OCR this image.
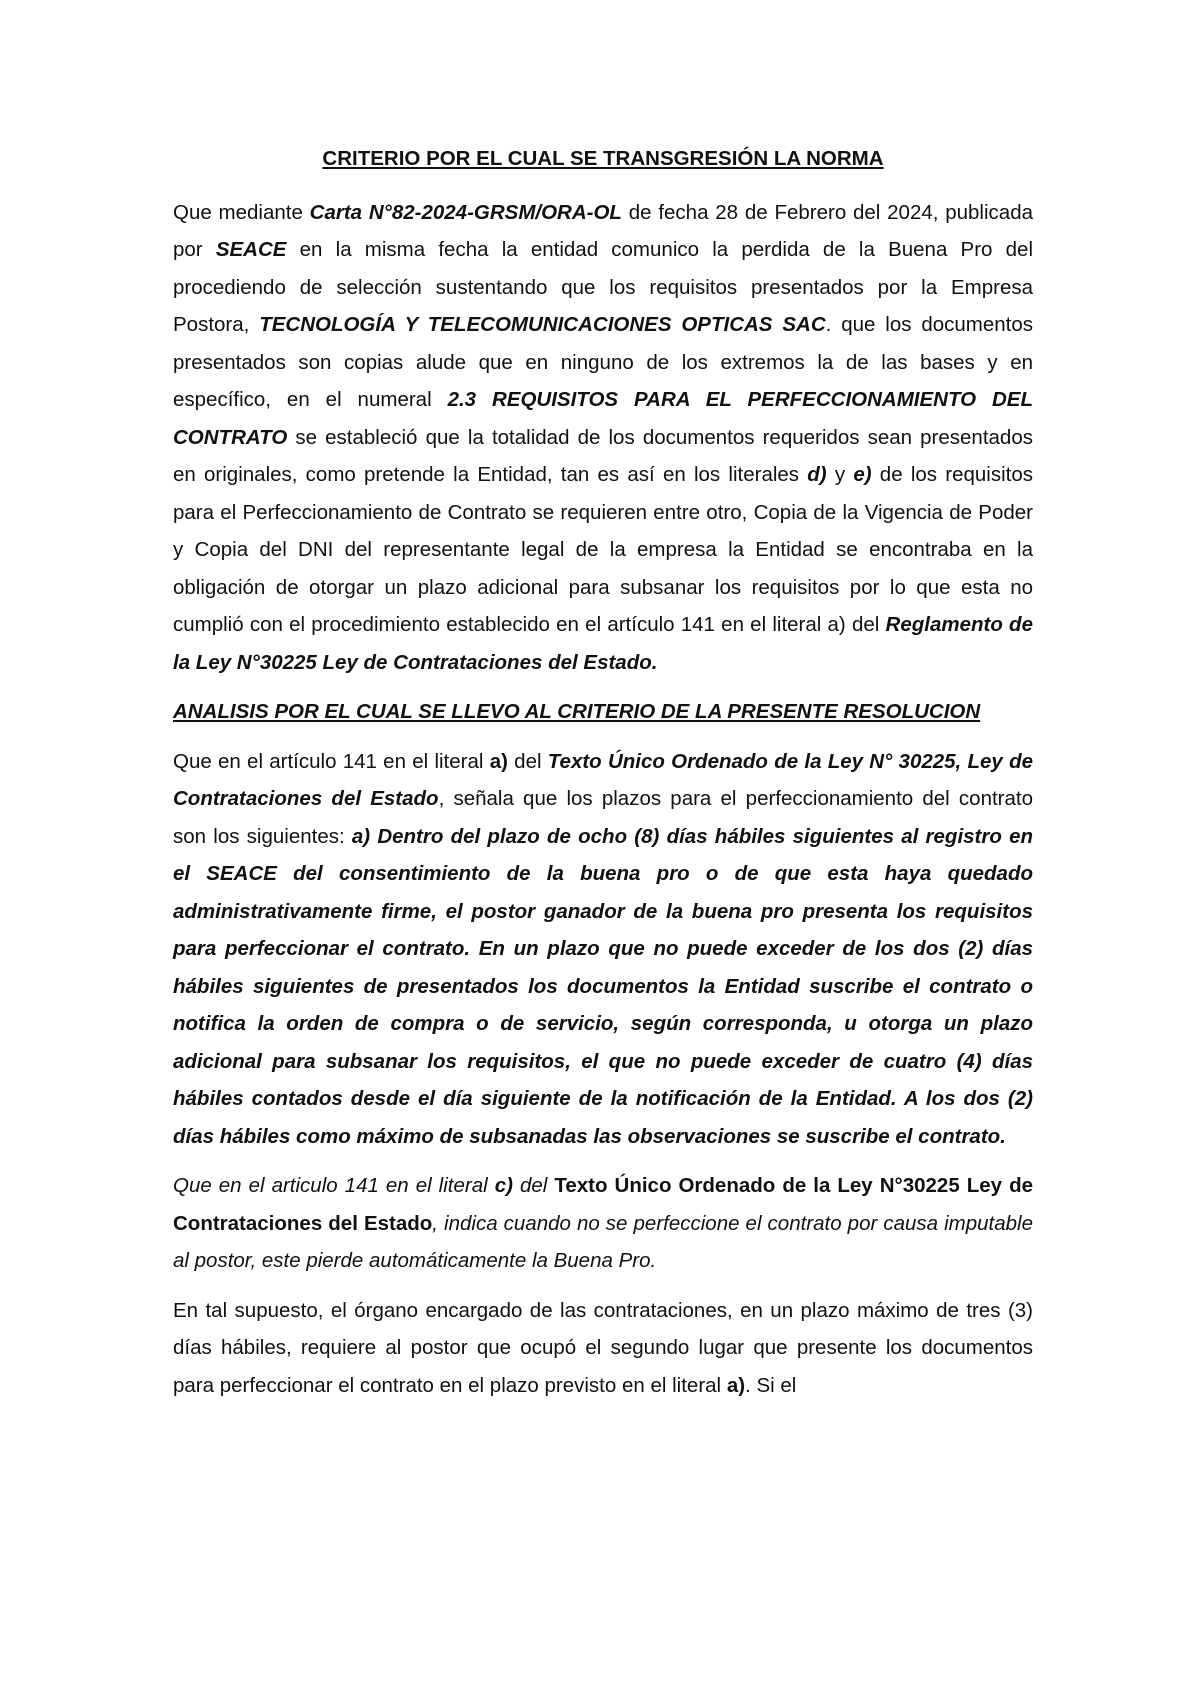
CRITERIO POR EL CUAL SE TRANSGRESIÓN LA NORMA
Que mediante Carta N°82-2024-GRSM/ORA-OL de fecha 28 de Febrero del 2024, publicada por SEACE en la misma fecha la entidad comunico la perdida de la Buena Pro del procediendo de selección sustentando que los requisitos presentados por la Empresa Postora, TECNOLOGÍA Y TELECOMUNICACIONES OPTICAS SAC. que los documentos presentados son copias alude que en ninguno de los extremos la de las bases y en específico, en el numeral 2.3 REQUISITOS PARA EL PERFECCIONAMIENTO DEL CONTRATO se estableció que la totalidad de los documentos requeridos sean presentados en originales, como pretende la Entidad, tan es así en los literales d) y e) de los requisitos para el Perfeccionamiento de Contrato se requieren entre otro, Copia de la Vigencia de Poder y Copia del DNI del representante legal de la empresa la Entidad se encontraba en la obligación de otorgar un plazo adicional para subsanar los requisitos por lo que esta no cumplió con el procedimiento establecido en el artículo 141 en el literal a) del Reglamento de la Ley N°30225 Ley de Contrataciones del Estado.
ANALISIS POR EL CUAL SE LLEVO AL CRITERIO DE LA PRESENTE RESOLUCION
Que en el artículo 141 en el literal a) del Texto Único Ordenado de la Ley N° 30225, Ley de Contrataciones del Estado, señala que los plazos para el perfeccionamiento del contrato son los siguientes: a) Dentro del plazo de ocho (8) días hábiles siguientes al registro en el SEACE del consentimiento de la buena pro o de que esta haya quedado administrativamente firme, el postor ganador de la buena pro presenta los requisitos para perfeccionar el contrato. En un plazo que no puede exceder de los dos (2) días hábiles siguientes de presentados los documentos la Entidad suscribe el contrato o notifica la orden de compra o de servicio, según corresponda, u otorga un plazo adicional para subsanar los requisitos, el que no puede exceder de cuatro (4) días hábiles contados desde el día siguiente de la notificación de la Entidad. A los dos (2) días hábiles como máximo de subsanadas las observaciones se suscribe el contrato.
Que en el articulo 141 en el literal c) del Texto Único Ordenado de la Ley N°30225 Ley de Contrataciones del Estado, indica cuando no se perfeccione el contrato por causa imputable al postor, este pierde automáticamente la Buena Pro.
En tal supuesto, el órgano encargado de las contrataciones, en un plazo máximo de tres (3) días hábiles, requiere al postor que ocupó el segundo lugar que presente los documentos para perfeccionar el contrato en el plazo previsto en el literal a). Si el
